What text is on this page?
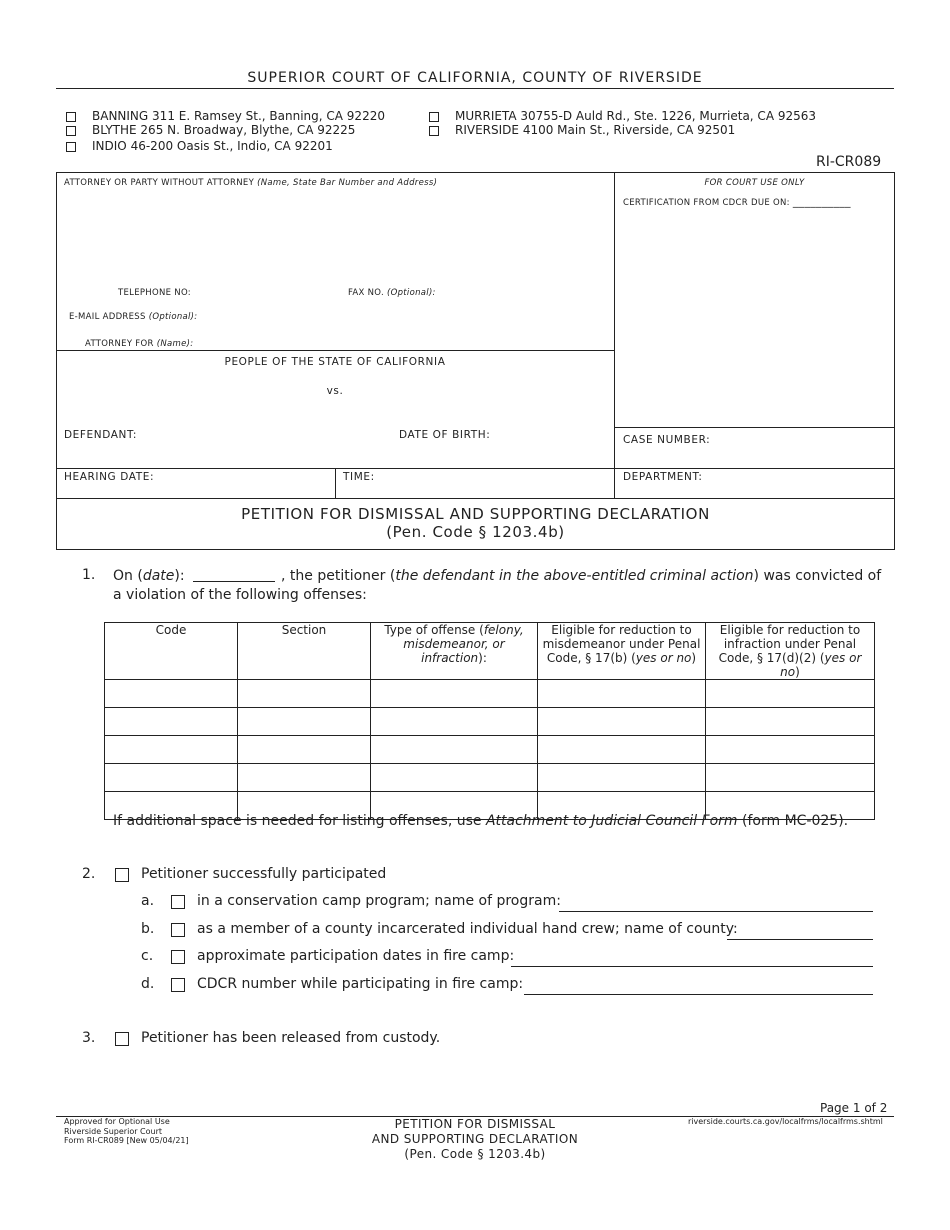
SUPERIOR COURT OF CALIFORNIA, COUNTY OF RIVERSIDE
BANNING 311 E. Ramsey St., Banning, CA 92220
BLYTHE 265 N. Broadway, Blythe, CA 92225
INDIO 46-200 Oasis St., Indio, CA 92201
MURRIETA 30755-D Auld Rd., Ste. 1226, Murrieta, CA 92563
RIVERSIDE 4100 Main St., Riverside, CA 92501
RI-CR089
ATTORNEY OR PARTY WITHOUT ATTORNEY (Name, State Bar Number and Address)
TELEPHONE NO:	FAX NO. (Optional):
E-MAIL ADDRESS (Optional):
ATTORNEY FOR (Name):
FOR COURT USE ONLY
CERTIFICATION FROM CDCR DUE ON: __________
PEOPLE OF THE STATE OF CALIFORNIA
vs.
DEFENDANT:	DATE OF BIRTH:	CASE NUMBER:
HEARING DATE:	TIME:	DEPARTMENT:
PETITION FOR DISMISSAL AND SUPPORTING DECLARATION
(Pen. Code § 1203.4b)
1. On (date):	, the petitioner (the defendant in the above-entitled criminal action) was convicted of
a violation of the following offenses:
Code	Section	Type of offense (felony, misdemeanor, or infraction):	Eligible for reduction to misdemeanor under Penal Code, § 17(b) (yes or no)	Eligible for reduction to infraction under Penal Code, § 17(d)(2) (yes or no)

If additional space is needed for listing offenses, use Attachment to Judicial Council Form (form MC-025).
2.	Petitioner successfully participated
a.	in a conservation camp program; name of program:
b.	as a member of a county incarcerated individual hand crew; name of county:
c.	approximate participation dates in fire camp:
d.	CDCR number while participating in fire camp:
3.	Petitioner has been released from custody.
Page 1 of 2
Approved for Optional Use
Riverside Superior Court
Form RI-CR089 [New 05/04/21]
PETITION FOR DISMISSAL
AND SUPPORTING DECLARATION
(Pen. Code § 1203.4b)
riverside.courts.ca.gov/localfrms/localfrms.shtml
